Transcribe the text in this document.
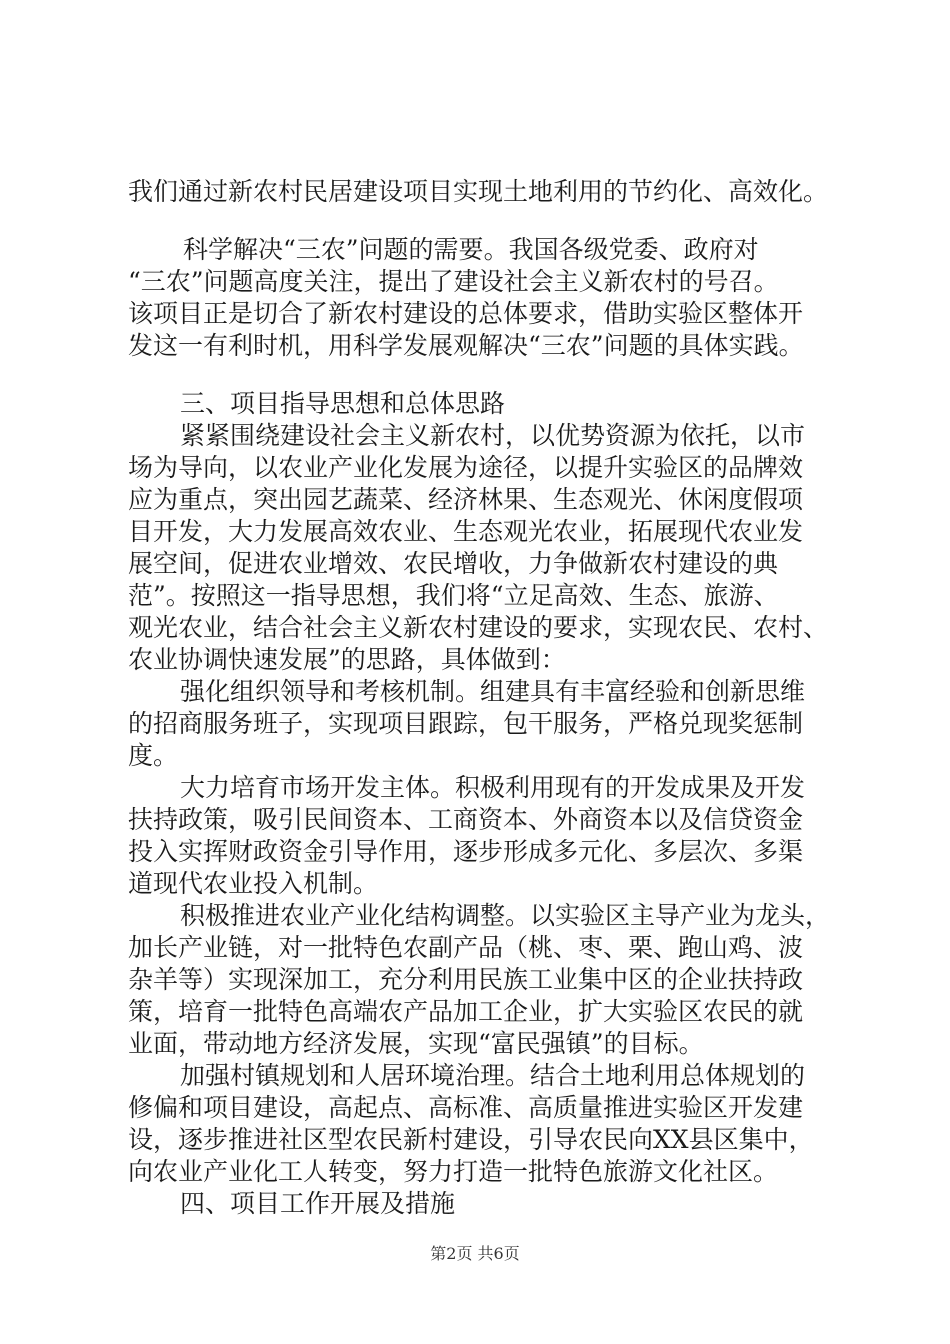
我们通过新农村民居建设项目实现土地利用的节约化、高效化。
科学解决“三农”问题的需要。我国各级党委、政府对
“三农”问题高度关注，提出了建设社会主义新农村的号召。
该项目正是切合了新农村建设的总体要求，借助实验区整体开
发这一有利时机，用科学发展观解决“三农”问题的具体实践。
三、项目指导思想和总体思路
紧紧围绕建设社会主义新农村，以优势资源为依托，以市
场为导向，以农业产业化发展为途径，以提升实验区的品牌效
应为重点，突出园艺蔬菜、经济林果、生态观光、休闲度假项
目开发，大力发展高效农业、生态观光农业，拓展现代农业发
展空间，促进农业增效、农民增收，力争做新农村建设的典
范”。按照这一指导思想，我们将“立足高效、生态、旅游、
观光农业，结合社会主义新农村建设的要求，实现农民、农村、
农业协调快速发展”的思路，具体做到：
强化组织领导和考核机制。组建具有丰富经验和创新思维
的招商服务班子，实现项目跟踪，包干服务，严格兑现奖惩制
度。
大力培育市场开发主体。积极利用现有的开发成果及开发
扶持政策，吸引民间资本、工商资本、外商资本以及信贷资金
投入实挥财政资金引导作用，逐步形成多元化、多层次、多渠
道现代农业投入机制。
积极推进农业产业化结构调整。以实验区主导产业为龙头，
加长产业链，对一批特色农副产品（桃、枣、栗、跑山鸡、波
杂羊等）实现深加工，充分利用民族工业集中区的企业扶持政
策，培育一批特色高端农产品加工企业，扩大实验区农民的就
业面，带动地方经济发展，实现“富民强镇”的目标。
加强村镇规划和人居环境治理。结合土地利用总体规划的
修偏和项目建设，高起点、高标准、高质量推进实验区开发建
设，逐步推进社区型农民新村建设，引导农民向XX县区集中，
向农业产业化工人转变，努力打造一批特色旅游文化社区。
四、项目工作开展及措施
第2页 共6页
